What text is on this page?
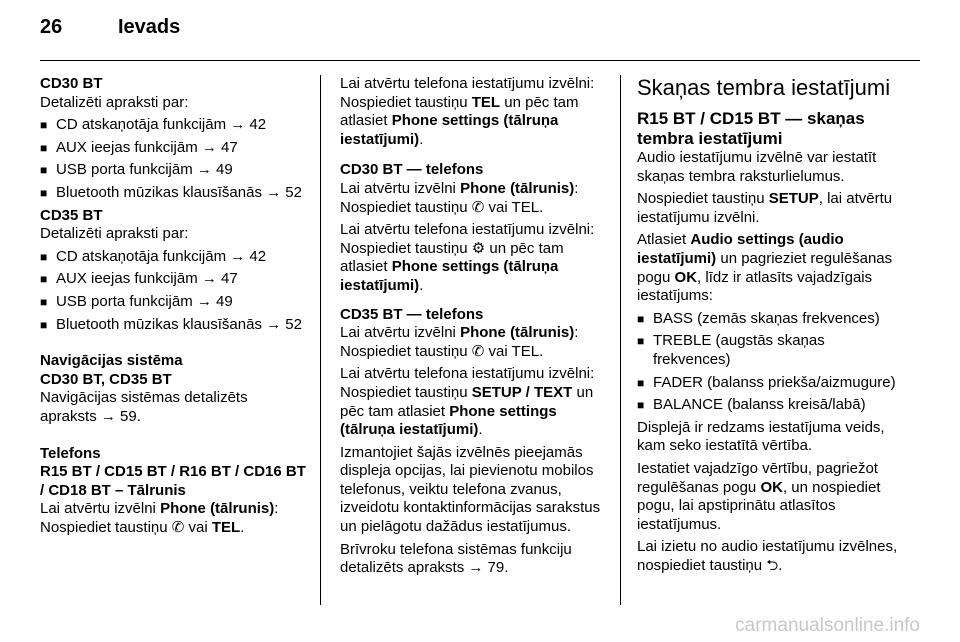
26	Ievads

CD30 BT

Detalizēti apraksti par:

■ CD atskaņotāja funkcijām → 42
■ AUX ieejas funkcijām → 47
■ USB porta funkcijām → 49
■ Bluetooth mūzikas klausīšanās → 52

CD35 BT

Detalizēti apraksti par:

■ CD atskaņotāja funkcijām → 42
■ AUX ieejas funkcijām → 47
■ USB porta funkcijām → 49
■ Bluetooth mūzikas klausīšanās → 52

Navigācijas sistēma

CD30 BT, CD35 BT

Navigācijas sistēmas detalizēts apraksts → 59.

Telefons

R15 BT / CD15 BT / R16 BT / CD16 BT / CD18 BT – Tālrunis

Lai atvērtu izvēlni Phone (tālrunis): Nospiediet taustiņu ✆ vai TEL.

Lai atvērtu telefona iestatījumu izvēlni: Nospiediet taustiņu TEL un pēc tam atlasiet Phone settings (tālruņa iestatījumi).

CD30 BT — telefons

Lai atvērtu izvēlni Phone (tālrunis): Nospiediet taustiņu ✆ vai TEL.

Lai atvērtu telefona iestatījumu izvēlni: Nospiediet taustiņu ⚙ un pēc tam atlasiet Phone settings (tālruņa iestatījumi).

CD35 BT — telefons

Lai atvērtu izvēlni Phone (tālrunis): Nospiediet taustiņu ✆ vai TEL.

Lai atvērtu telefona iestatījumu izvēlni: Nospiediet taustiņu SETUP / TEXT un pēc tam atlasiet Phone settings (tālruņa iestatījumi).

Izmantojiet šajās izvēlnēs pieejamās displeja opcijas, lai pievienotu mobilos telefonus, veiktu telefona zvanus, izveidotu kontaktinformācijas sarakstus un pielāgotu dažādus iestatījumus.

Brīvroku telefona sistēmas funkciju detalizēts apraksts → 79.

Skaņas tembra iestatījumi

R15 BT / CD15 BT — skaņas tembra iestatījumi

Audio iestatījumu izvēlnē var iestatīt skaņas tembra raksturlielumus.

Nospiediet taustiņu SETUP, lai atvērtu iestatījumu izvēlni.

Atlasiet Audio settings (audio iestatījumi) un pagrieziet regulēšanas pogu OK, līdz ir atlasīts vajadzīgais iestatījums:

■ BASS (zemās skaņas frekvences)
■ TREBLE (augstās skaņas frekvences)
■ FADER (balanss priekša/aizmugure)
■ BALANCE (balanss kreisā/labā)

Displejā ir redzams iestatījuma veids, kam seko iestatītā vērtība.

Iestatiet vajadzīgo vērtību, pagriežot regulēšanas pogu OK, un nospiediet pogu, lai apstiprinātu atlasītos iestatījumus.

Lai izietu no audio iestatījumu izvēlnes, nospiediet taustiņu ⮌.

carmanualsonline.info
